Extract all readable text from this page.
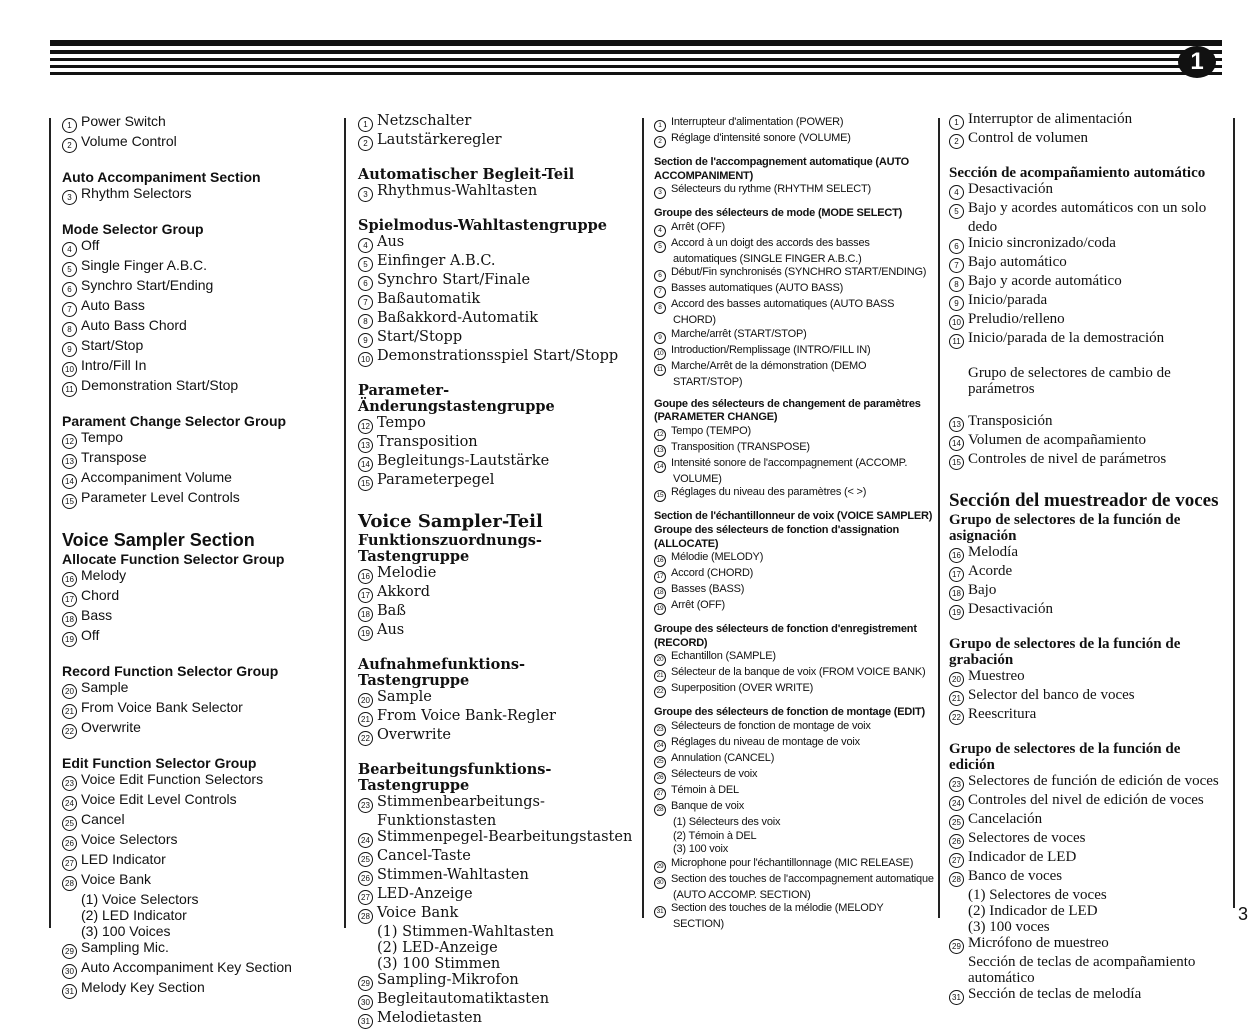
1
1 Power Switch
2 Volume Control
Auto Accompaniment Section
3 Rhythm Selectors
Mode Selector Group
4 Off
5 Single Finger A.B.C.
6 Synchro Start/Ending
7 Auto Bass
8 Auto Bass Chord
9 Start/Stop
10 Intro/Fill In
11 Demonstration Start/Stop
Parament Change Selector Group
12 Tempo
13 Transpose
14 Accompaniment Volume
15 Parameter Level Controls
Voice Sampler Section
Allocate Function Selector Group
16 Melody
17 Chord
18 Bass
19 Off
Record Function Selector Group
20 Sample
21 From Voice Bank Selector
22 Overwrite
Edit Function Selector Group
23 Voice Edit Function Selectors
24 Voice Edit Level Controls
25 Cancel
26 Voice Selectors
27 LED Indicator
28 Voice Bank
(1) Voice Selectors
(2) LED Indicator
(3) 100 Voices
29 Sampling Mic.
30 Auto Accompaniment Key Section
31 Melody Key Section
1 Netzschalter
2 Lautstärkeregler
Automatischer Begleit-Teil
3 Rhythmus-Wahltasten
Spielmodus-Wahltastengruppe
4 Aus
5 Einfinger A.B.C.
6 Synchro Start/Finale
7 Baßautomatik
8 Baßakkord-Automatik
9 Start/Stopp
10 Demonstrationsspiel Start/Stopp
Parameter-Änderungstastengruppe
12 Tempo
13 Transposition
14 Begleitungs-Lautstärke
15 Parameterpegel
Voice Sampler-Teil
Funktionszuordnungs-Tastengruppe
16 Melodie
17 Akkord
18 Baß
19 Aus
Aufnahmefunktions-Tastengruppe
20 Sample
21 From Voice Bank-Regler
22 Overwrite
Bearbeitungsfunktions-Tastengruppe
23 Stimmenbearbeitungs-Funktionstasten
24 Stimmenpegel-Bearbeitungstasten
25 Cancel-Taste
26 Stimmen-Wahltasten
27 LED-Anzeige
28 Voice Bank
(1) Stimmen-Wahltasten
(2) LED-Anzeige
(3) 100 Stimmen
29 Sampling-Mikrofon
30 Begleitautomatiktasten
31 Melodietasten
1 Interrupteur d'alimentation (POWER)
2 Réglage d'intensité sonore (VOLUME)
Section de l'accompagnement automatique (AUTO ACCOMPANIMENT)
3 Sélecteurs du rythme (RHYTHM SELECT)
Groupe des sélecteurs de mode (MODE SELECT)
4 Arrêt (OFF)
5 Accord à un doigt des accords des basses automatiques (SINGLE FINGER A.B.C.)
6 Début/Fin synchronisés (SYNCHRO START/ENDING)
7 Basses automatiques (AUTO BASS)
8 Accord des basses automatiques (AUTO BASS CHORD)
9 Marche/arrêt (START/STOP)
10 Introduction/Remplissage (INTRO/FILL IN)
11 Marche/Arrêt de la démonstration (DEMO START/STOP)
Goupe des sélecteurs de changement de paramètres (PARAMETER CHANGE)
12 Tempo (TEMPO)
13 Transposition (TRANSPOSE)
14 Intensité sonore de l'accompagnement (ACCOMP. VOLUME)
15 Réglages du niveau des paramètres (< >)
Section de l'échantillonneur de voix (VOICE SAMPLER)
Groupe des sélecteurs de fonction d'assignation (ALLOCATE)
16 Mélodie (MELODY)
17 Accord (CHORD)
18 Basses (BASS)
19 Arrêt (OFF)
Groupe des sélecteurs de fonction d'enregistrement (RECORD)
20 Echantillon (SAMPLE)
21 Sélecteur de la banque de voix (FROM VOICE BANK)
22 Superposition (OVER WRITE)
Groupe des sélecteurs de fonction de montage (EDIT)
23 Sélecteurs de fonction de montage de voix
24 Réglages du niveau de montage de voix
25 Annulation (CANCEL)
26 Sélecteurs de voix
27 Témoin à DEL
28 Banque de voix
(1) Sélecteurs des voix
(2) Témoin à DEL
(3) 100 voix
29 Microphone pour l'échantillonnage (MIC RELEASE)
30 Section des touches de l'accompagnement automatique (AUTO ACCOMP. SECTION)
31 Section des touches de la mélodie (MELODY SECTION)
1 Interruptor de alimentación
2 Control de volumen
Sección de acompañamiento automático
4 Desactivación
5 Bajo y acordes automáticos con un solo dedo
6 Inicio sincronizado/coda
7 Bajo automático
8 Bajo y acorde automático
9 Inicio/parada
10 Preludio/relleno
11 Inicio/parada de la demostración
Grupo de selectores de cambio de parámetros
13 Transposición
14 Volumen de acompañamiento
15 Controles de nivel de parámetros
Sección del muestreador de voces
Grupo de selectores de la función de asignación
16 Melodía
17 Acorde
18 Bajo
19 Desactivación
Grupo de selectores de la función de grabación
20 Muestreo
21 Selector del banco de voces
22 Reescritura
Grupo de selectores de la función de edición
23 Selectores de función de edición de voces
24 Controles del nivel de edición de voces
25 Cancelación
26 Selectores de voces
27 Indicador de LED
28 Banco de voces
(1) Selectores de voces
(2) Indicador de LED
(3) 100 voces
29 Micrófono de muestreo
Sección de teclas de acompañamiento automático
31 Sección de teclas de melodía
3
